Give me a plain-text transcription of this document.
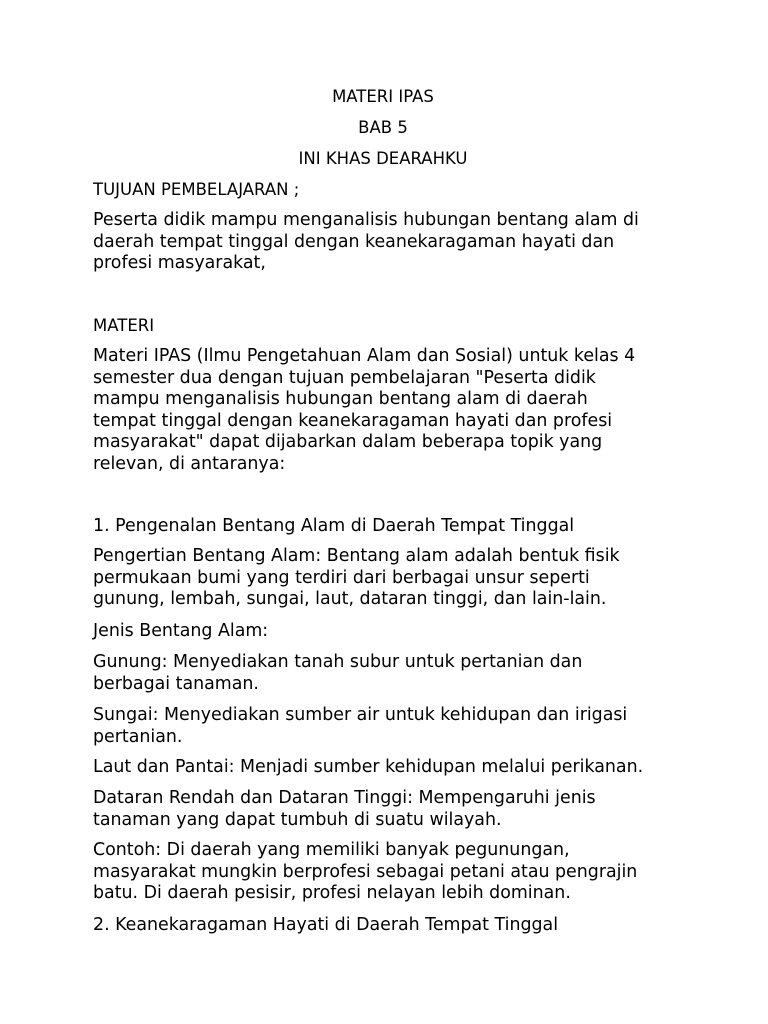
MATERI IPAS
BAB 5
INI KHAS DEARAHKU
TUJUAN PEMBELAJARAN ;
Peserta didik mampu menganalisis hubungan bentang alam di
daerah tempat tinggal dengan keanekaragaman hayati dan
profesi masyarakat,
MATERI
Materi IPAS (Ilmu Pengetahuan Alam dan Sosial) untuk kelas 4
semester dua dengan tujuan pembelajaran "Peserta didik
mampu menganalisis hubungan bentang alam di daerah
tempat tinggal dengan keanekaragaman hayati dan profesi
masyarakat" dapat dijabarkan dalam beberapa topik yang
relevan, di antaranya:
1. Pengenalan Bentang Alam di Daerah Tempat Tinggal
Pengertian Bentang Alam: Bentang alam adalah bentuk fisik
permukaan bumi yang terdiri dari berbagai unsur seperti
gunung, lembah, sungai, laut, dataran tinggi, dan lain-lain.
Jenis Bentang Alam:
Gunung: Menyediakan tanah subur untuk pertanian dan
berbagai tanaman.
Sungai: Menyediakan sumber air untuk kehidupan dan irigasi
pertanian.
Laut dan Pantai: Menjadi sumber kehidupan melalui perikanan.
Dataran Rendah dan Dataran Tinggi: Mempengaruhi jenis
tanaman yang dapat tumbuh di suatu wilayah.
Contoh: Di daerah yang memiliki banyak pegunungan,
masyarakat mungkin berprofesi sebagai petani atau pengrajin
batu. Di daerah pesisir, profesi nelayan lebih dominan.
2. Keanekaragaman Hayati di Daerah Tempat Tinggal
